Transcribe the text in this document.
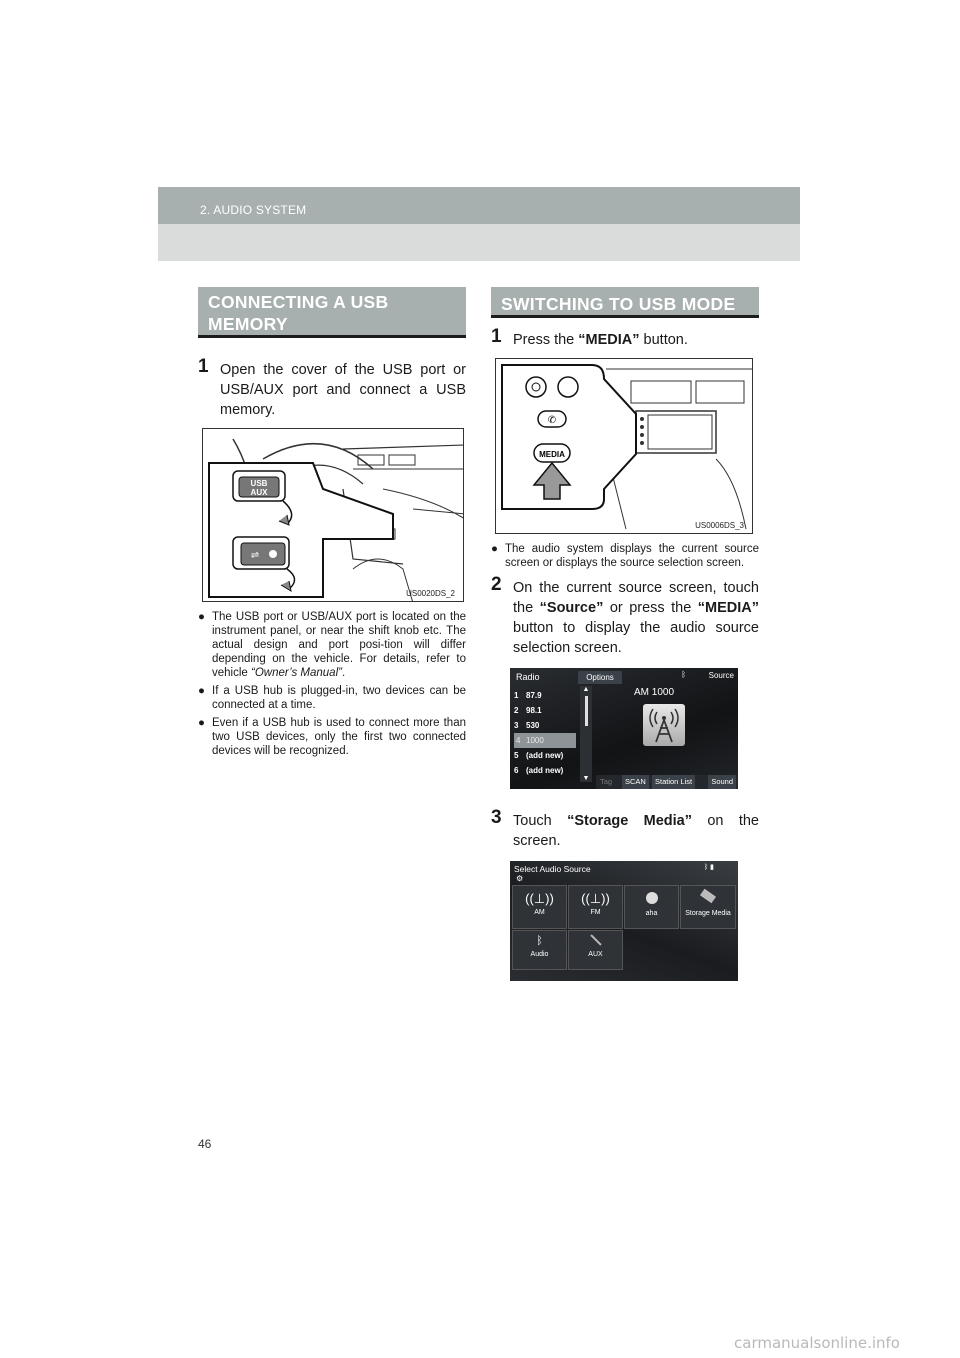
2. AUDIO SYSTEM
CONNECTING A USB MEMORY
1 Open the cover of the USB port or USB/AUX port and connect a USB memory.
USB
AUX
⇌
US0020DS_2
● The USB port or USB/AUX port is located on the instrument panel, or near the shift knob etc. The actual design and port posi-tion will differ depending on the vehicle. For details, refer to vehicle “Owner’s Manual”.
● If a USB hub is plugged-in, two devices can be connected at a time.
● Even if a USB hub is used to connect more than two USB devices, only the first two connected devices will be recognized.
SWITCHING TO USB MODE
1 Press the “MEDIA” button.
✆
MEDIA
US0006DS_3
● The audio system displays the current source screen or displays the source selection screen.
2 On the current source screen, touch the “Source” or press the “MEDIA” button to display the audio source selection screen.
Radio	Options	Source
ᛒ
1 87.9
2 98.1
3 530
4 1000
5 (add new)
6 (add new)
▲
▼
AM 1000
Tag	SCAN	Station List	Sound
3 Touch “Storage Media” on the screen.
Select Audio Source	ᛒ ▮
⚙
((⊥))
AM
((⊥))
FM	aha	Storage Media
ᛒ
Audio	AUX
46
carmanualsonline.info
